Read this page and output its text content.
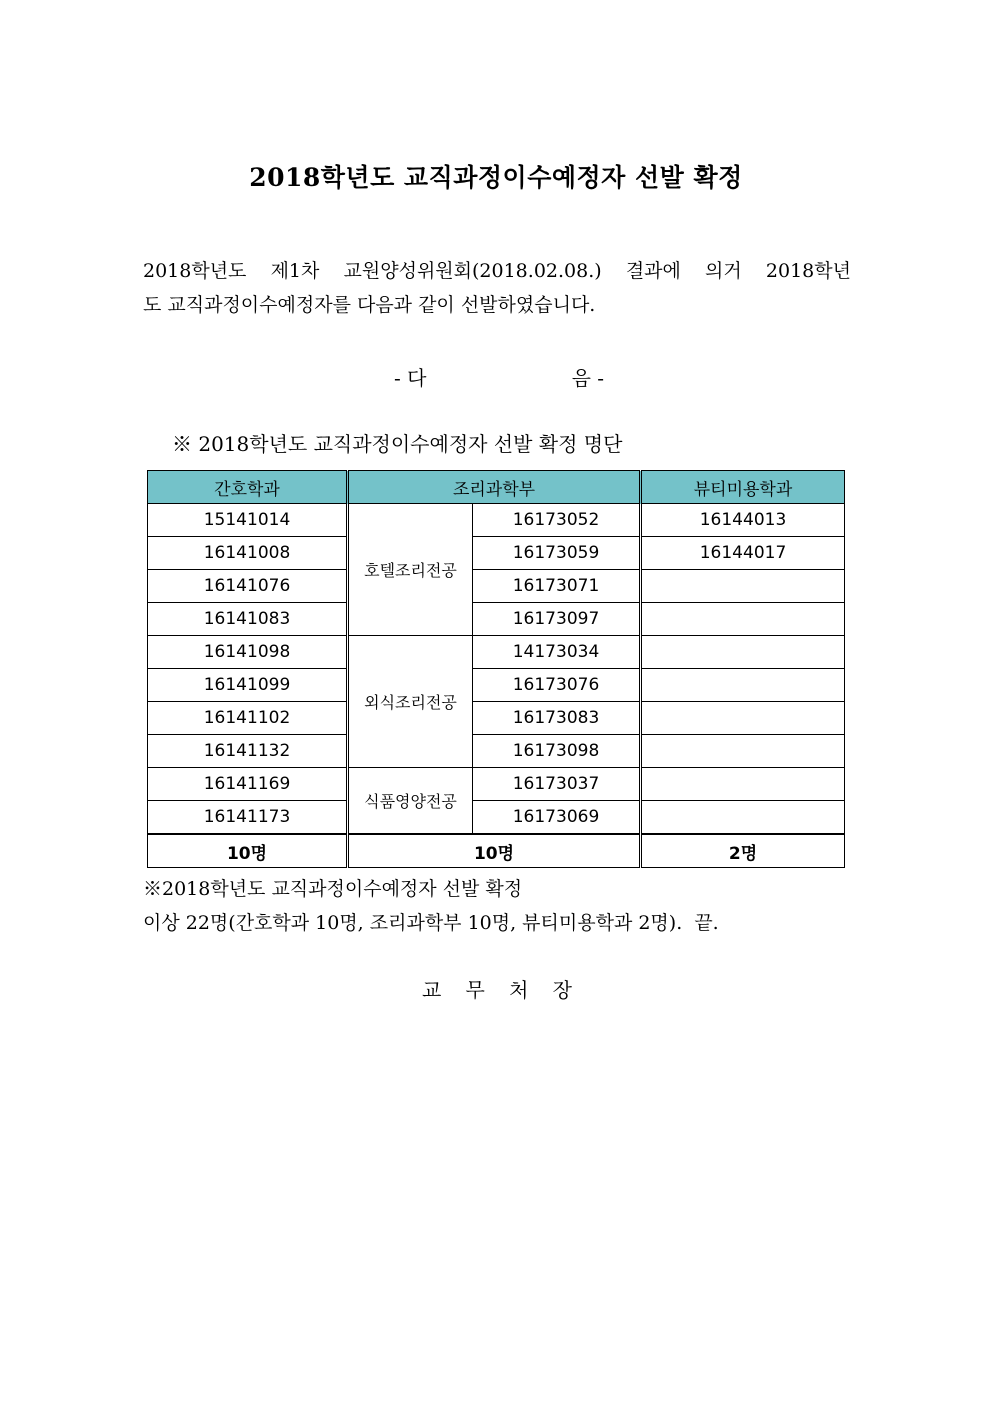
2018학년도 교직과정이수예정자 선발 확정
2018학년도 제1차 교원양성위원회(2018.02.08.) 결과에 의거 2018학년
도 교직과정이수예정자를 다음과 같이 선발하였습니다.
- 다	음 -
※ 2018학년도 교직과정이수예정자 선발 확정 명단
간호학과	조리과학부		뷰티미용학과
15141014	호텔조리전공	16173052	16144013
16141008		16173059	16144017
16141076		16173071	
16141083		16173097	
16141098	외식조리전공	14173034	
16141099		16173076	
16141102		16173083	
16141132		16173098	
16141169	식품영양전공	16173037	
16141173		16173069	
10명	10명		2명
※2018학년도 교직과정이수예정자 선발 확정
이상 22명(간호학과 10명, 조리과학부 10명, 뷰티미용학과 2명).  끝.
교 무 처 장
